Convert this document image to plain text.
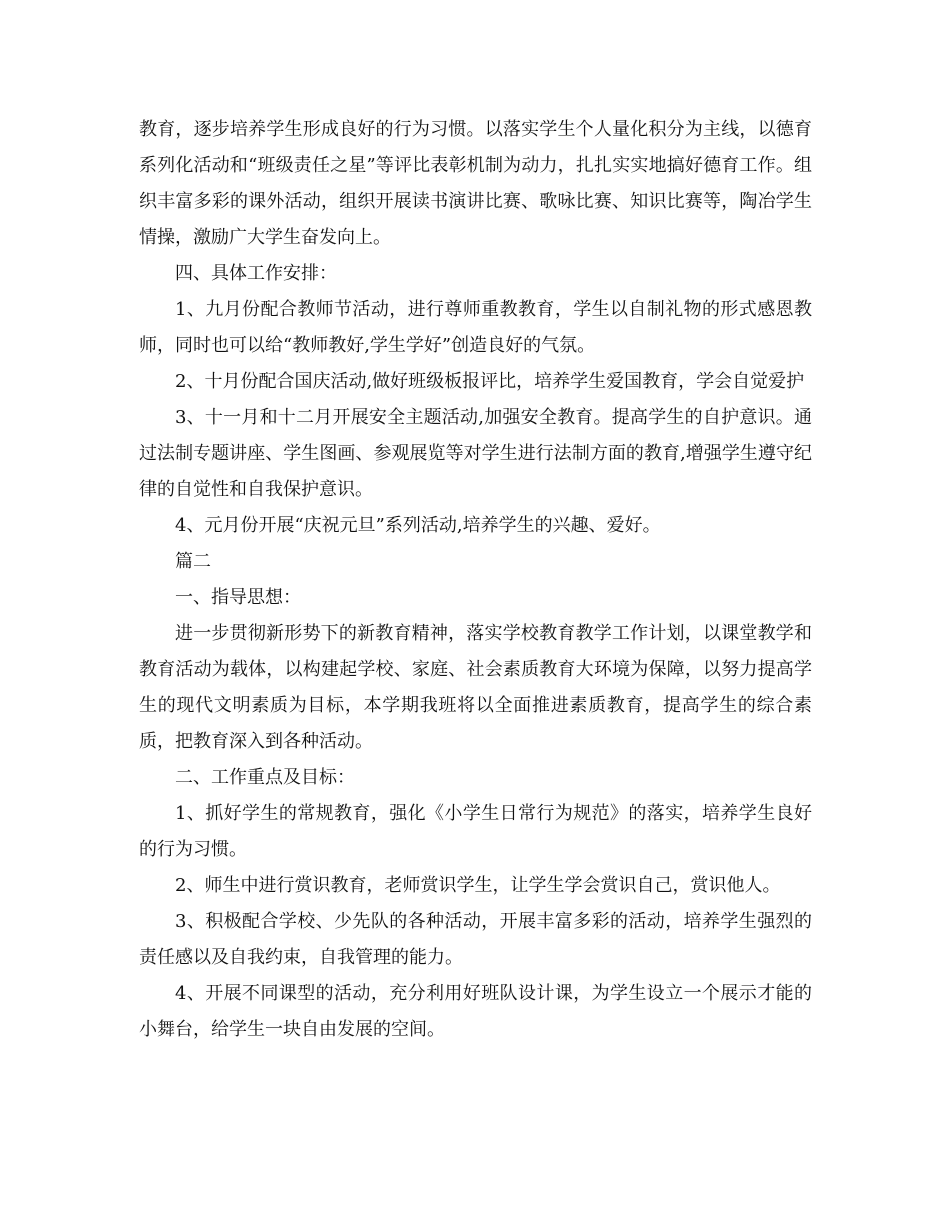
教育，逐步培养学生形成良好的行为习惯。以落实学生个人量化积分为主线，以德育系列化活动和“班级责任之星”等评比表彰机制为动力，扎扎实实地搞好德育工作。组织丰富多彩的课外活动，组织开展读书演讲比赛、歌咏比赛、知识比赛等，陶冶学生情操，激励广大学生奋发向上。

四、具体工作安排：

1、九月份配合教师节活动，进行尊师重教教育，学生以自制礼物的形式感恩教师，同时也可以给“教师教好,学生学好”创造良好的气氛。

2、十月份配合国庆活动,做好班级板报评比，培养学生爱国教育，学会自觉爱护

3、十一月和十二月开展安全主题活动,加强安全教育。提高学生的自护意识。通过法制专题讲座、学生图画、参观展览等对学生进行法制方面的教育,增强学生遵守纪律的自觉性和自我保护意识。

4、元月份开展“庆祝元旦”系列活动,培养学生的兴趣、爱好。

篇二

一、指导思想：

进一步贯彻新形势下的新教育精神，落实学校教育教学工作计划，以课堂教学和教育活动为载体，以构建起学校、家庭、社会素质教育大环境为保障，以努力提高学生的现代文明素质为目标，本学期我班将以全面推进素质教育，提高学生的综合素质，把教育深入到各种活动。

二、工作重点及目标：

1、抓好学生的常规教育，强化《小学生日常行为规范》的落实，培养学生良好的行为习惯。

2、师生中进行赏识教育，老师赏识学生，让学生学会赏识自己，赏识他人。

3、积极配合学校、少先队的各种活动，开展丰富多彩的活动，培养学生强烈的责任感以及自我约束，自我管理的能力。

4、开展不同课型的活动，充分利用好班队设计课，为学生设立一个展示才能的小舞台，给学生一块自由发展的空间。
